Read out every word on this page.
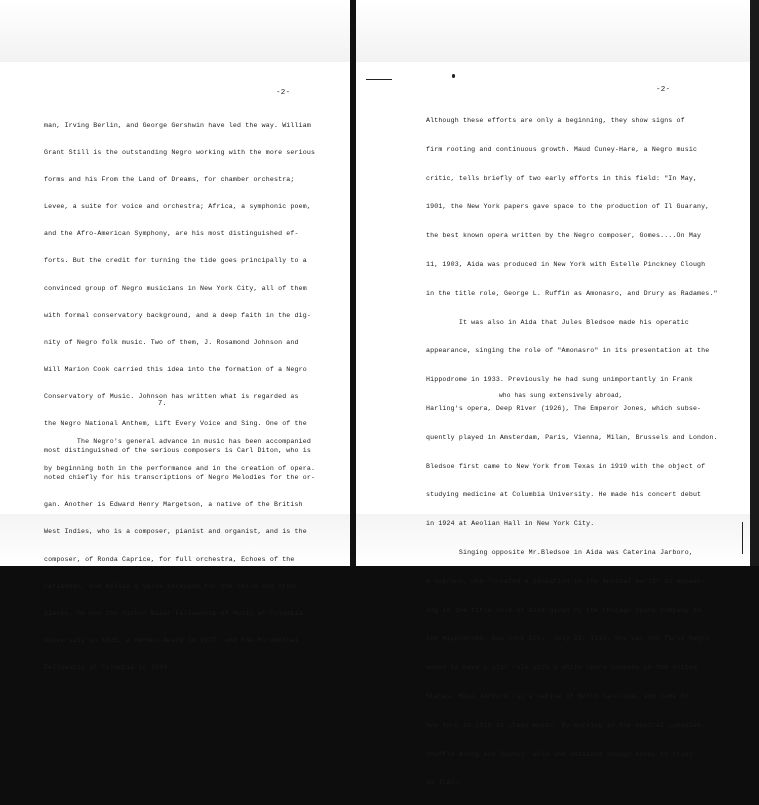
-2-

man, Irving Berlin, and George Gershwin have led the way. William

Grant Still is the outstanding Negro working with the more serious

forms and his From the Land of Dreams, for chamber orchestra;

Levee, a suite for voice and orchestra; Africa, a symphonic poem,

and the Afro-American Symphony, are his most distinguished ef-

forts. But the credit for turning the tide goes principally to a

convinced group of Negro musicians in New York City, all of them

with formal conservatory background, and a deep faith in the dig-

nity of Negro folk music. Two of them, J. Rosamond Johnson and

Will Marion Cook carried this idea into the formation of a Negro

Conservatory of Music. Johnson has written what is regarded as

the Negro National Anthem, Lift Every Voice and Sing. One of the

most distinguished of the serious composers is Carl Diton, who is

noted chiefly for his transcriptions of Negro Melodies for the or-

gan. Another is Edward Henry Margetson, a native of the British

West Indies, who is a composer, pianist and organist, and is the

composer, of Ronda Caprice, for full orchestra, Echoes of the

Caribbean, and Ballad e Valse Serenade for the cello and other

pieces. He won the Victor Baier Fellowship of Music at Columbia

University in 1925, a Harmon Award in 1927, and the Morzenthal

Fellowship at Columbia in 1934.

7.

The Negro's general advance in music has been accompanied

by beginning both in the performance and in the creation of opera.

-2-

Although these efforts are only a beginning, they show signs of

firm rooting and continuous growth. Maud Cuney-Hare, a Negro music

critic, tells briefly of two early efforts in this field: "In May,

1901, the New York papers gave space to the production of Il Guarany,

the best known opera written by the Negro composer, Gomes....On May

11, 1903, Aida was produced in New York with Estelle Pinckney Clough

in the title role, George L. Ruffin as Amonasro, and Drury as Radames."

It was also in Aida that Jules Bledsoe made his operatic

appearance, singing the role of "Amonasro" in its presentation at the

Hippodrome in 1933. Previously he had sung unimportantly in Frank

Harling's opera, Deep River (1926), The Emperor Jones, which subse-

quently played in Amsterdam, Paris, Vienna, Milan, Brussels and London.

Bledsoe first came to New York from Texas in 1919 with the object of

studying medicine at Columbia University. He made his concert debut

in 1924 at Aeolian Hall in New York City.

Singing opposite Mr.Bledsoe in Aida was Caterina Jarboro,

a soprano, who "created a sensation in the musical world" in appear-

ing in the title role of Aida given by the Chicago Opera Company in

the Hippodrome, New York City, July 22, 1933. She was the first Negro

woman to have a star role with a white opera company in the United

States. Miss Jarboro,/is a native of North Carolina, and came to

New York in 1916 to study music. By working in the musical comedies

Shuffle Along and Runnin' Wild she obtained enough money to study

in Italy.

who has sung extensively abroad,
